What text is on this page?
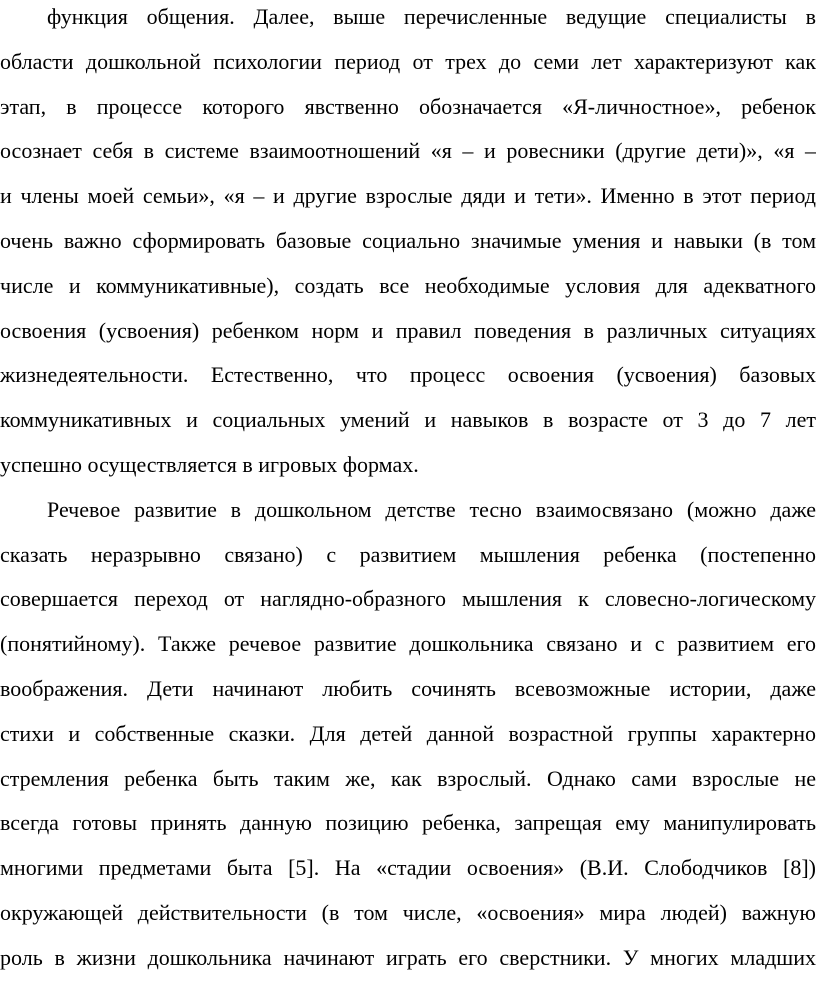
функция общения. Далее, выше перечисленные ведущие специалисты в
области дошкольной психологии период от трех до семи лет характеризуют как
этап, в процессе которого явственно обозначается «Я-личностное», ребенок
осознает себя в системе взаимоотношений «я – и ровесники (другие дети)», «я –
и члены моей семьи», «я – и другие взрослые дяди и тети». Именно в этот период
очень важно сформировать базовые социально значимые умения и навыки (в том
числе и коммуникативные), создать все необходимые условия для адекватного
освоения (усвоения) ребенком норм и правил поведения в различных ситуациях
жизнедеятельности. Естественно, что процесс освоения (усвоения) базовых
коммуникативных и социальных умений и навыков в возрасте от 3 до 7 лет
успешно осуществляется в игровых формах.
Речевое развитие в дошкольном детстве тесно взаимосвязано (можно даже
сказать неразрывно связано) с развитием мышления ребенка (постепенно
совершается переход от наглядно-образного мышления к словесно-логическому
(понятийному). Также речевое развитие дошкольника связано и с развитием его
воображения. Дети начинают любить сочинять всевозможные истории, даже
стихи и собственные сказки. Для детей данной возрастной группы характерно
стремления ребенка быть таким же, как взрослый. Однако сами взрослые не
всегда готовы принять данную позицию ребенка, запрещая ему манипулировать
многими предметами быта [5]. На «стадии освоения» (В.И. Слободчиков [8])
окружающей действительности (в том числе, «освоения» мира людей) важную
роль в жизни дошкольника начинают играть его сверстники. У многих младших
